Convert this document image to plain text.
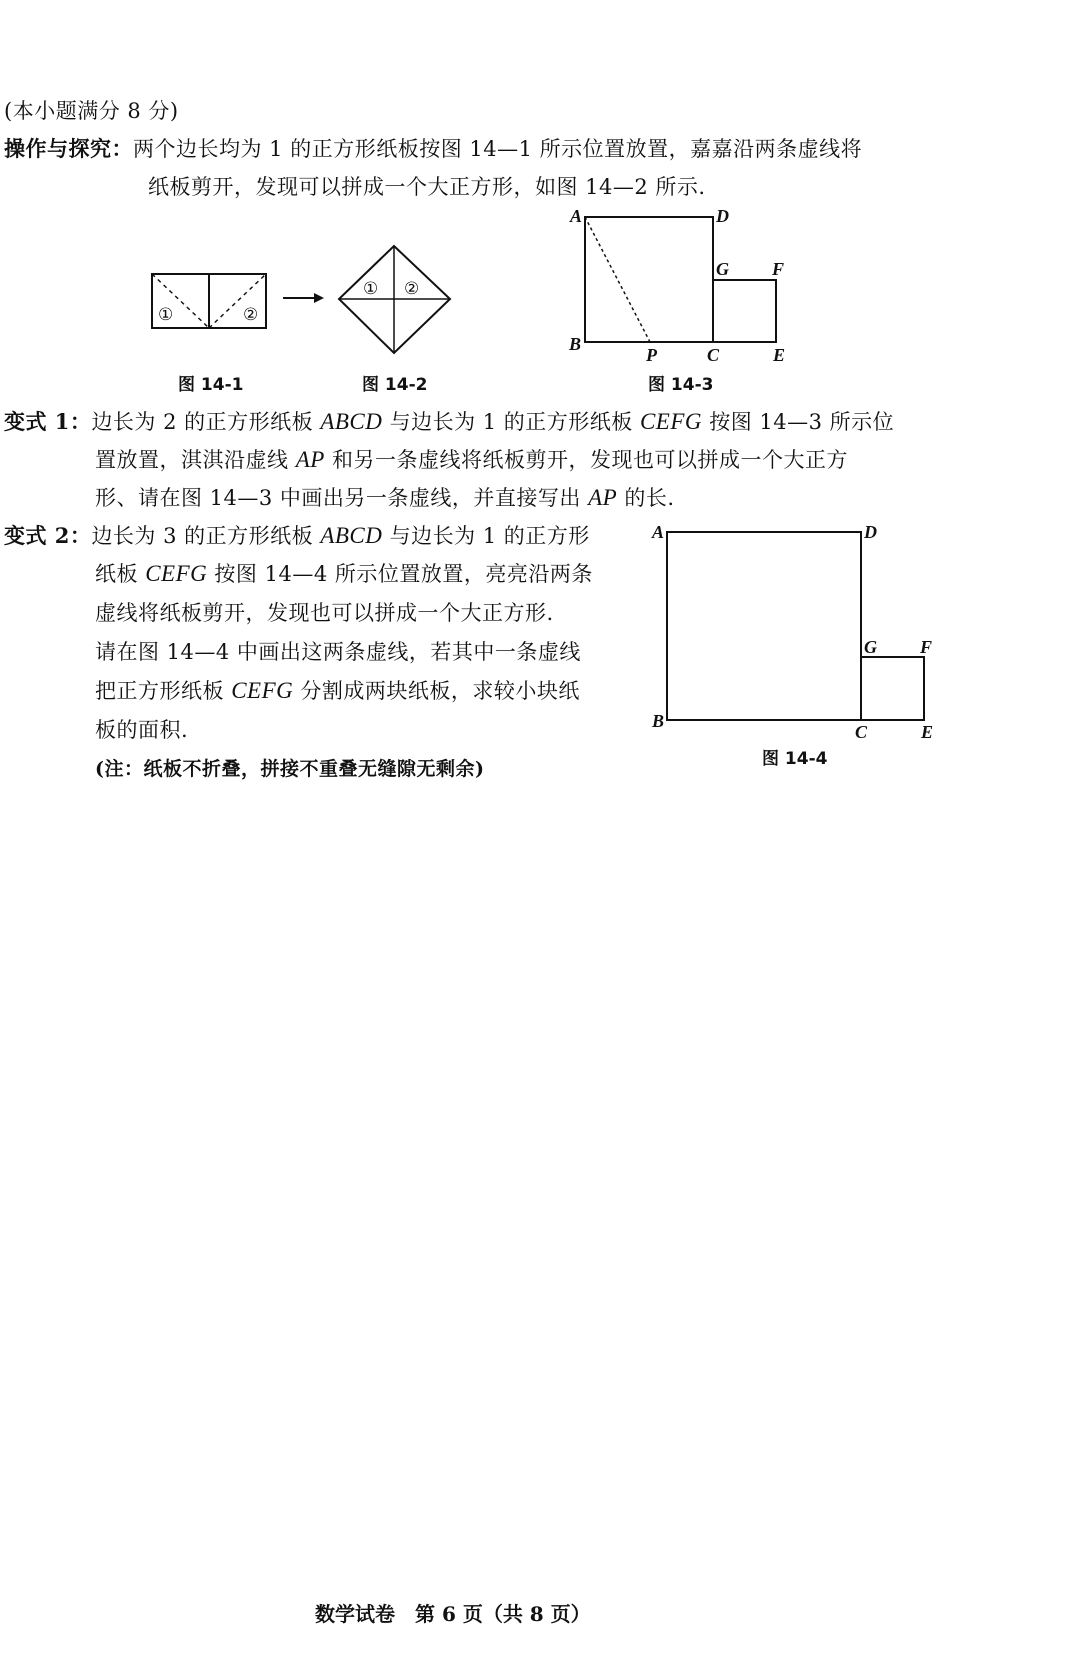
(本小题满分 8 分)
操作与探究：两个边长均为 1 的正方形纸板按图 14—1 所示位置放置，嘉嘉沿两条虚线将
纸板剪开，发现可以拼成一个大正方形，如图 14—2 所示.
①	②
① ②
A	D
G F
B
P	C	E
A	D
G F
B
C	E
图 14-1	图 14-2	图 14-3
图 14-4
变式 1：边长为 2 的正方形纸板 ABCD 与边长为 1 的正方形纸板 CEFG 按图 14—3 所示位
置放置，淇淇沿虚线 AP 和另一条虚线将纸板剪开，发现也可以拼成一个大正方
形、请在图 14—3 中画出另一条虚线，并直接写出 AP 的长.
变式 2：边长为 3 的正方形纸板 ABCD 与边长为 1 的正方形
纸板 CEFG 按图 14—4 所示位置放置，亮亮沿两条
虚线将纸板剪开，发现也可以拼成一个大正方形.
请在图 14—4 中画出这两条虚线，若其中一条虚线
把正方形纸板 CEFG 分割成两块纸板，求较小块纸
板的面积.
(注：纸板不折叠，拼接不重叠无缝隙无剩余)
数学试卷　第 6 页（共 8 页）
